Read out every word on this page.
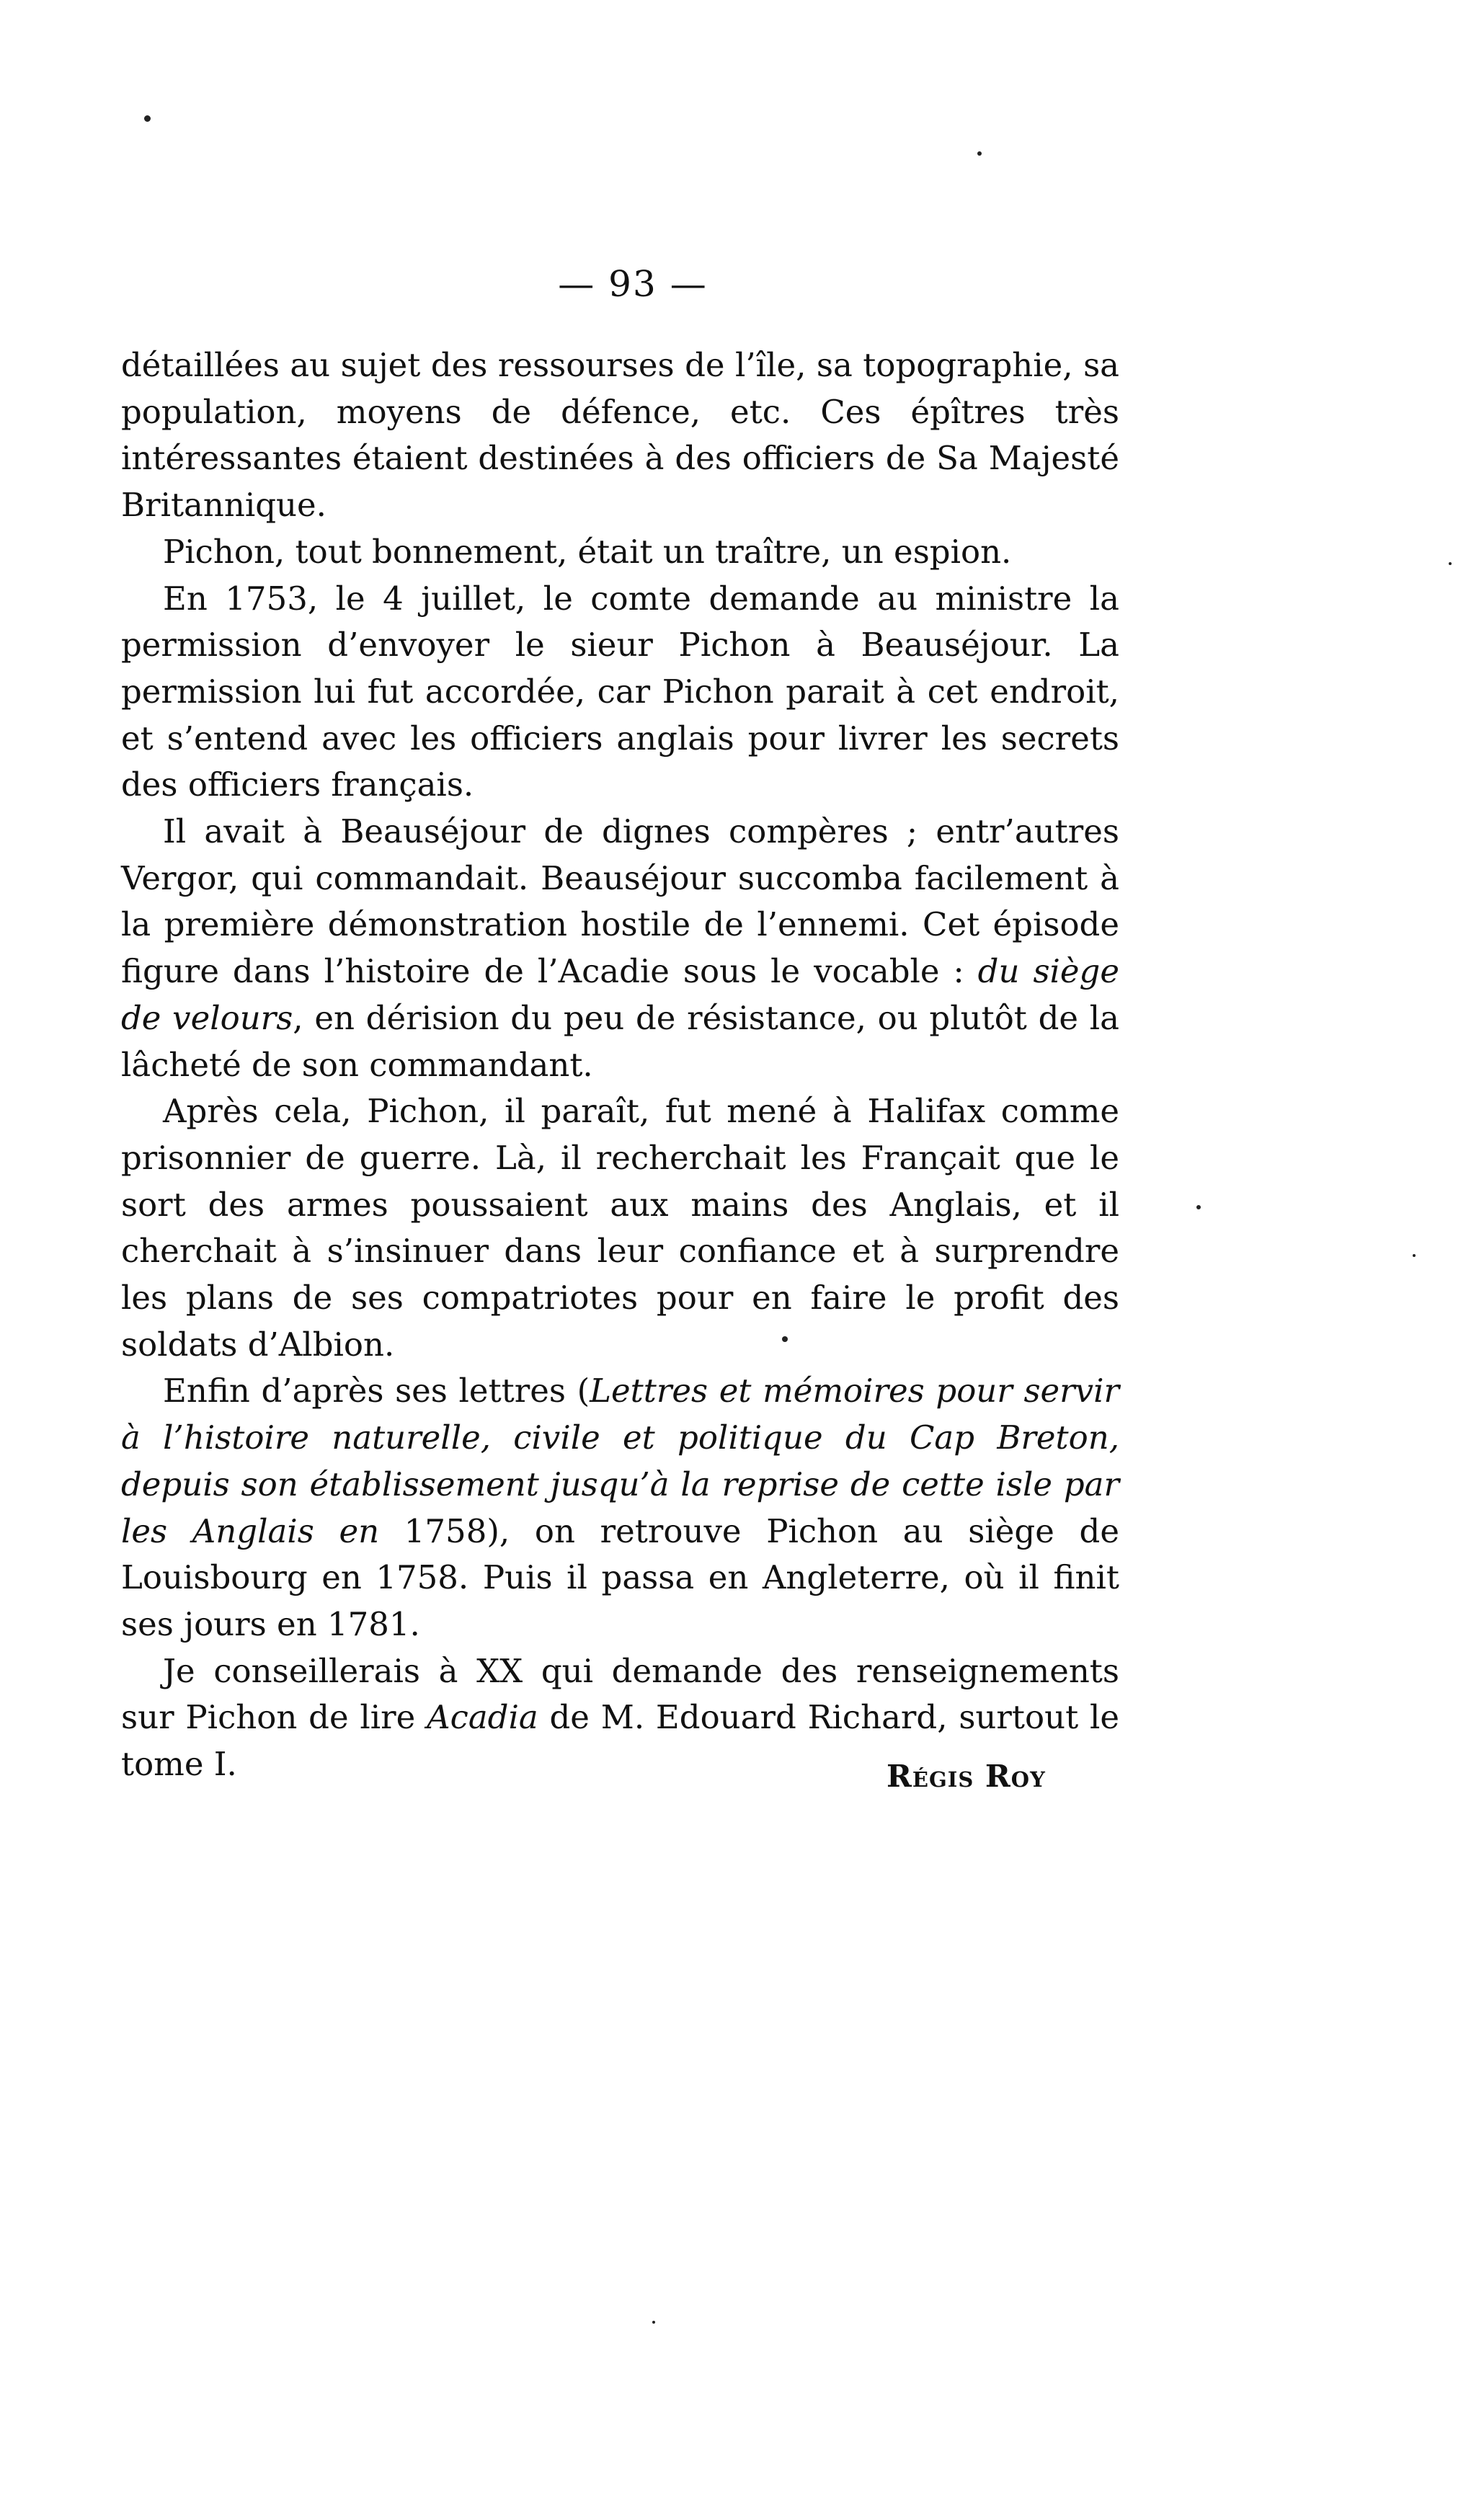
— 93 —

détaillées au sujet des ressourses de l’île, sa topographie, sa population, moyens de défence, etc. Ces épîtres très intéressantes étaient destinées à des officiers de Sa Majesté Britannique.

Pichon, tout bonnement, était un traître, un espion.

En 1753, le 4 juillet, le comte demande au ministre la permission d’envoyer le sieur Pichon à Beauséjour. La permission lui fut accordée, car Pichon parait à cet endroit, et s’entend avec les officiers anglais pour livrer les secrets des officiers français.

Il avait à Beauséjour de dignes compères ; entr’autres Vergor, qui commandait. Beauséjour succomba facilement à la première démonstration hostile de l’ennemi. Cet épisode figure dans l’histoire de l’Acadie sous le vocable : du siège de velours, en dérision du peu de résistance, ou plutôt de la lâcheté de son commandant.

Après cela, Pichon, il paraît, fut mené à Halifax comme prisonnier de guerre. Là, il recherchait les Françait que le sort des armes poussaient aux mains des Anglais, et il cherchait à s’insinuer dans leur confiance et à surprendre les plans de ses compatriotes pour en faire le profit des soldats d’Albion.

Enfin d’après ses lettres (Lettres et mémoires pour servir à l’histoire naturelle, civile et politique du Cap Breton, depuis son établissement jusqu’à la reprise de cette isle par les Anglais en 1758), on retrouve Pichon au siège de Louisbourg en 1758. Puis il passa en Angleterre, où il finit ses jours en 1781.

Je conseillerais à XX qui demande des renseignements sur Pichon de lire Acadia de M. Edouard Richard, surtout le tome I.	Régis Roy
